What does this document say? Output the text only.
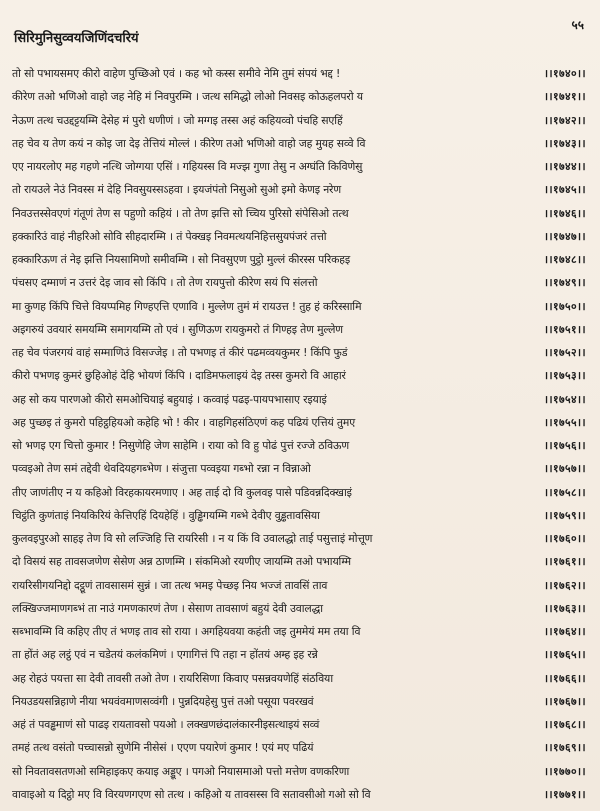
सिरिमुनिसुव्वयजिणिंदचरियं
५५
तो सो पभायसमए कीरो वाहेण पुच्छिओ एवं । कह भो कस्स समीवे नेमि तुमं संपयं भद्द !	।।१७४०।।
कीरेण तओ भणिओ वाहो जह नेहि मं निवपुरम्मि । जत्थ समिद्धो लोओ निवसइ कोऊहलपरो य	।।१७४१।।
नेऊण तत्थ चउद्दट्टयम्मि देसेह मं पुरो धणीणं । जो मग्गइ तस्स अहं कहियव्वो पंचहि सएहिं	।।१७४२।।
तह चेव य तेण कयं न कोइ जा देइ तेत्तियं मोल्लं । कीरेण तओ भणिओ वाहो जह मुयह सव्वे वि	।।१७४३।।
एए नायरलोए मह गहणे नत्थि जोग्गया एसिं । गहियस्स वि मज्झ गुणा तेसु न अग्घंति किविणेसु	।।१७४४।।
तो रायउले नेउं निवस्स मं देहि निवसुयस्सऽहवा । इयजंपंतो निसुओ सुओ इमो केणइ नरेण	।।१७४५।।
निवउत्तस्सेवएणं गंतूणं तेण स पहुणो कहियं । तो तेण झत्ति सो च्चिय पुरिसो संपेसिओ तत्थ	।।१७४६।।
हक्कारिउं वाहं नीहरिओ सोवि सीहदारम्मि । तं पेक्खइ निवमत्थयनिहित्तसुयपंजरं तत्तो	।।१७४७।।
हक्कारिऊण तं नेइ झत्ति नियसामिणो समीवम्मि । सो निवसुएण पुट्ठो मुल्लं कीरस्स परिकहइ	।।१७४८।।
पंचसए दम्माणं न उत्तरं देइ जाव सो किंपि । तो तेण रायपुत्तो कीरेण सयं पि संलत्तो	।।१७४९।।
मा कुणह किंपि चित्ते वियप्पमिह गिण्हएत्ति एणावि । मुल्लेण तुमं मं रायउत्त ! तुह हं करिस्सामि	।।१७५०।।
अइगरुयं उवयारं समयम्मि समागयम्मि तो एवं । सुणिऊण रायकुमरो तं गिण्हइ तेण मुल्लेण	।।१७५१।।
तह चेव पंजरगयं वाहं सम्माणिउं विसज्जेइ । तो पभणइ तं कीरं पढमव्वयकुमर ! किंपि फुडं	।।१७५२।।
कीरो पभणइ कुमरं छुहिओहं देहि भोयणं किंपि । दाडिमफलाइयं देइ तस्स कुमरो वि आहारं	।।१७५३।।
अह सो कय पारणओ कीरो समओचियाइं बहुयाइं । कव्वाइं पढइ-पायपभासाए रइयाइं	।।१७५४।।
अह पुच्छइ तं कुमरो पहिट्ठहियओ कहेहि भो ! कीर । वाहगिहसंठिएणं कह पढियं एत्तियं तुमए	।।१७५५।।
सो भणइ एग चित्तो कुमार ! निसुणेहि जेण साहेमि । राया को वि हु पोढं पुत्तं रज्जे ठविऊण	।।१७५६।।
पव्वइओ तेण समं तद्देवी थेवदियहगब्भेण । संजुत्ता पव्वइया गब्भो रन्ना न विन्नाओ	।।१७५७।।
तीए जाणंतीए न य कहिओ विरहकायरमणाए । अह ताई दो वि कुलवइ पासे पडिवन्नदिक्खाइं	।।१७५८।।
चिट्ठंति कुणंताइं नियकिरियं केत्तिएहिं दियहेहिं । वुड्ढिगयम्मि गब्भे देवीए वुड्ढतावसिया	।।१७५९।।
कुलवइपुरओ साहइ तेण वि सो लज्जिहि त्ति रायरिसी । न य किं वि उवालद्धो ताई पसुत्ताइं मोत्तूण	।।१७६०।।
दो विसयं सह तावसजणेण सेसेण अन्न ठाणम्मि । संकमिओ रयणीए जायम्मि तओ पभायम्मि	।।१७६१।।
रायरिसीगयनिद्दो दट्ठूणं तावसासमं सुन्नं । जा तत्थ भमइ पेच्छइ निय भज्जं तावसिं ताव	।।१७६२।।
लक्खिज्जमाणगब्भं ता नाउं गमणकारणं तेण । सेसाण तावसाणं बहुयं देवी उवालद्धा	।।१७६३।।
सब्भावम्मि वि कहिए तीए तं भणइ ताव सो राया । अगहियवया कहंती जइ तुममेयं मम तया वि	।।१७६४।।
ता होंतं अह लट्ठं एवं न चडेतयं कलंकमिणं । एगागित्तं पि तहा न होंतयं अम्ह इह रन्ने	।।१७६५।।
अह रोहउं पयत्ता सा देवी तावसी तओ तेण । रायरिसिणा किवाए पसन्नवयणेहिं संठविया	।।१७६६।।
नियउडयसन्निहाणे नीया भयवंवमाणसव्वंगी । पुन्नदियहेसु पुत्तं तओ पसूया पवरखवं	।।१७६७।।
अहं तं पवड्ढमाणं सो पाढइ रायतावसो पयओ । लक्खणछंदालंकारनीइसत्थाइयं सव्वं	।।१७६८।।
तमहं तत्थ वसंतो पच्चासन्नो सुणेमि नीसेसं । एएण पयारेणं कुमार ! एयं मए पढियं	।।१७६९।।
सो निवतावसतणओ समिहाइकए कयाइ अड्डूए । पगओ नियासमाओ पत्तो मत्तेण वणकरिणा	।।१७७०।।
वावाइओ य दिट्ठो मए वि विरयणगएण सो तत्थ । कहिओ य तावसस्स वि सतावसीओ गओ सो वि	।।१७७१।।
